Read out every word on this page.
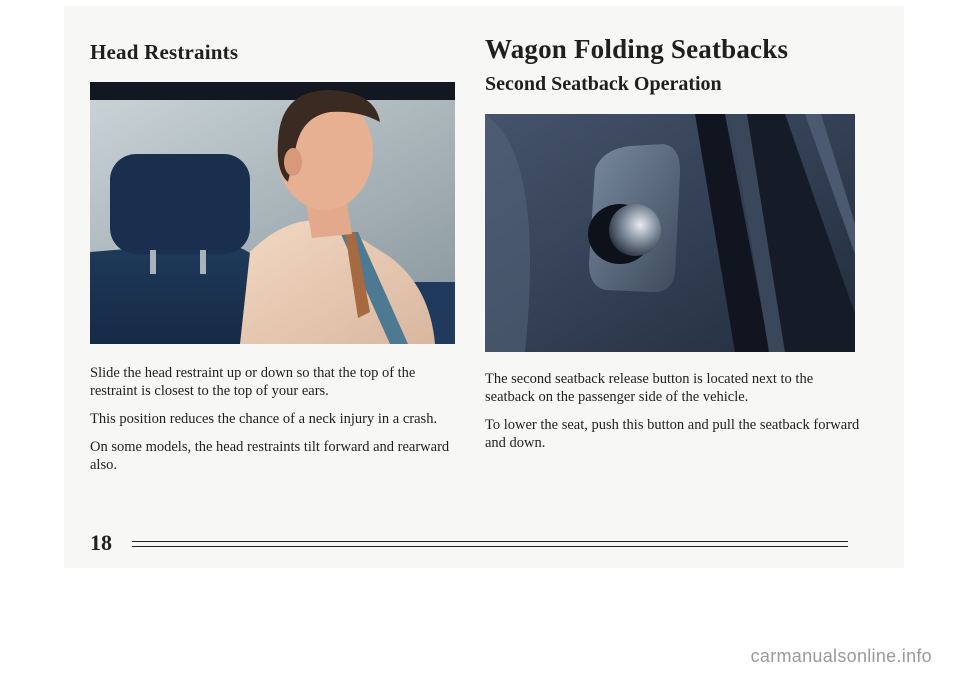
Head Restraints

Slide the head restraint up or down so that the top of the restraint is closest to the top of your ears.

This position reduces the chance of a neck injury in a crash.

On some models, the head restraints tilt forward and rearward also.

Wagon Folding Seatbacks
Second Seatback Operation

The second seatback release button is located next to the seatback on the passenger side of the vehicle.

To lower the seat, push this button and pull the seatback forward and down.

18
carmanualsonline.info
